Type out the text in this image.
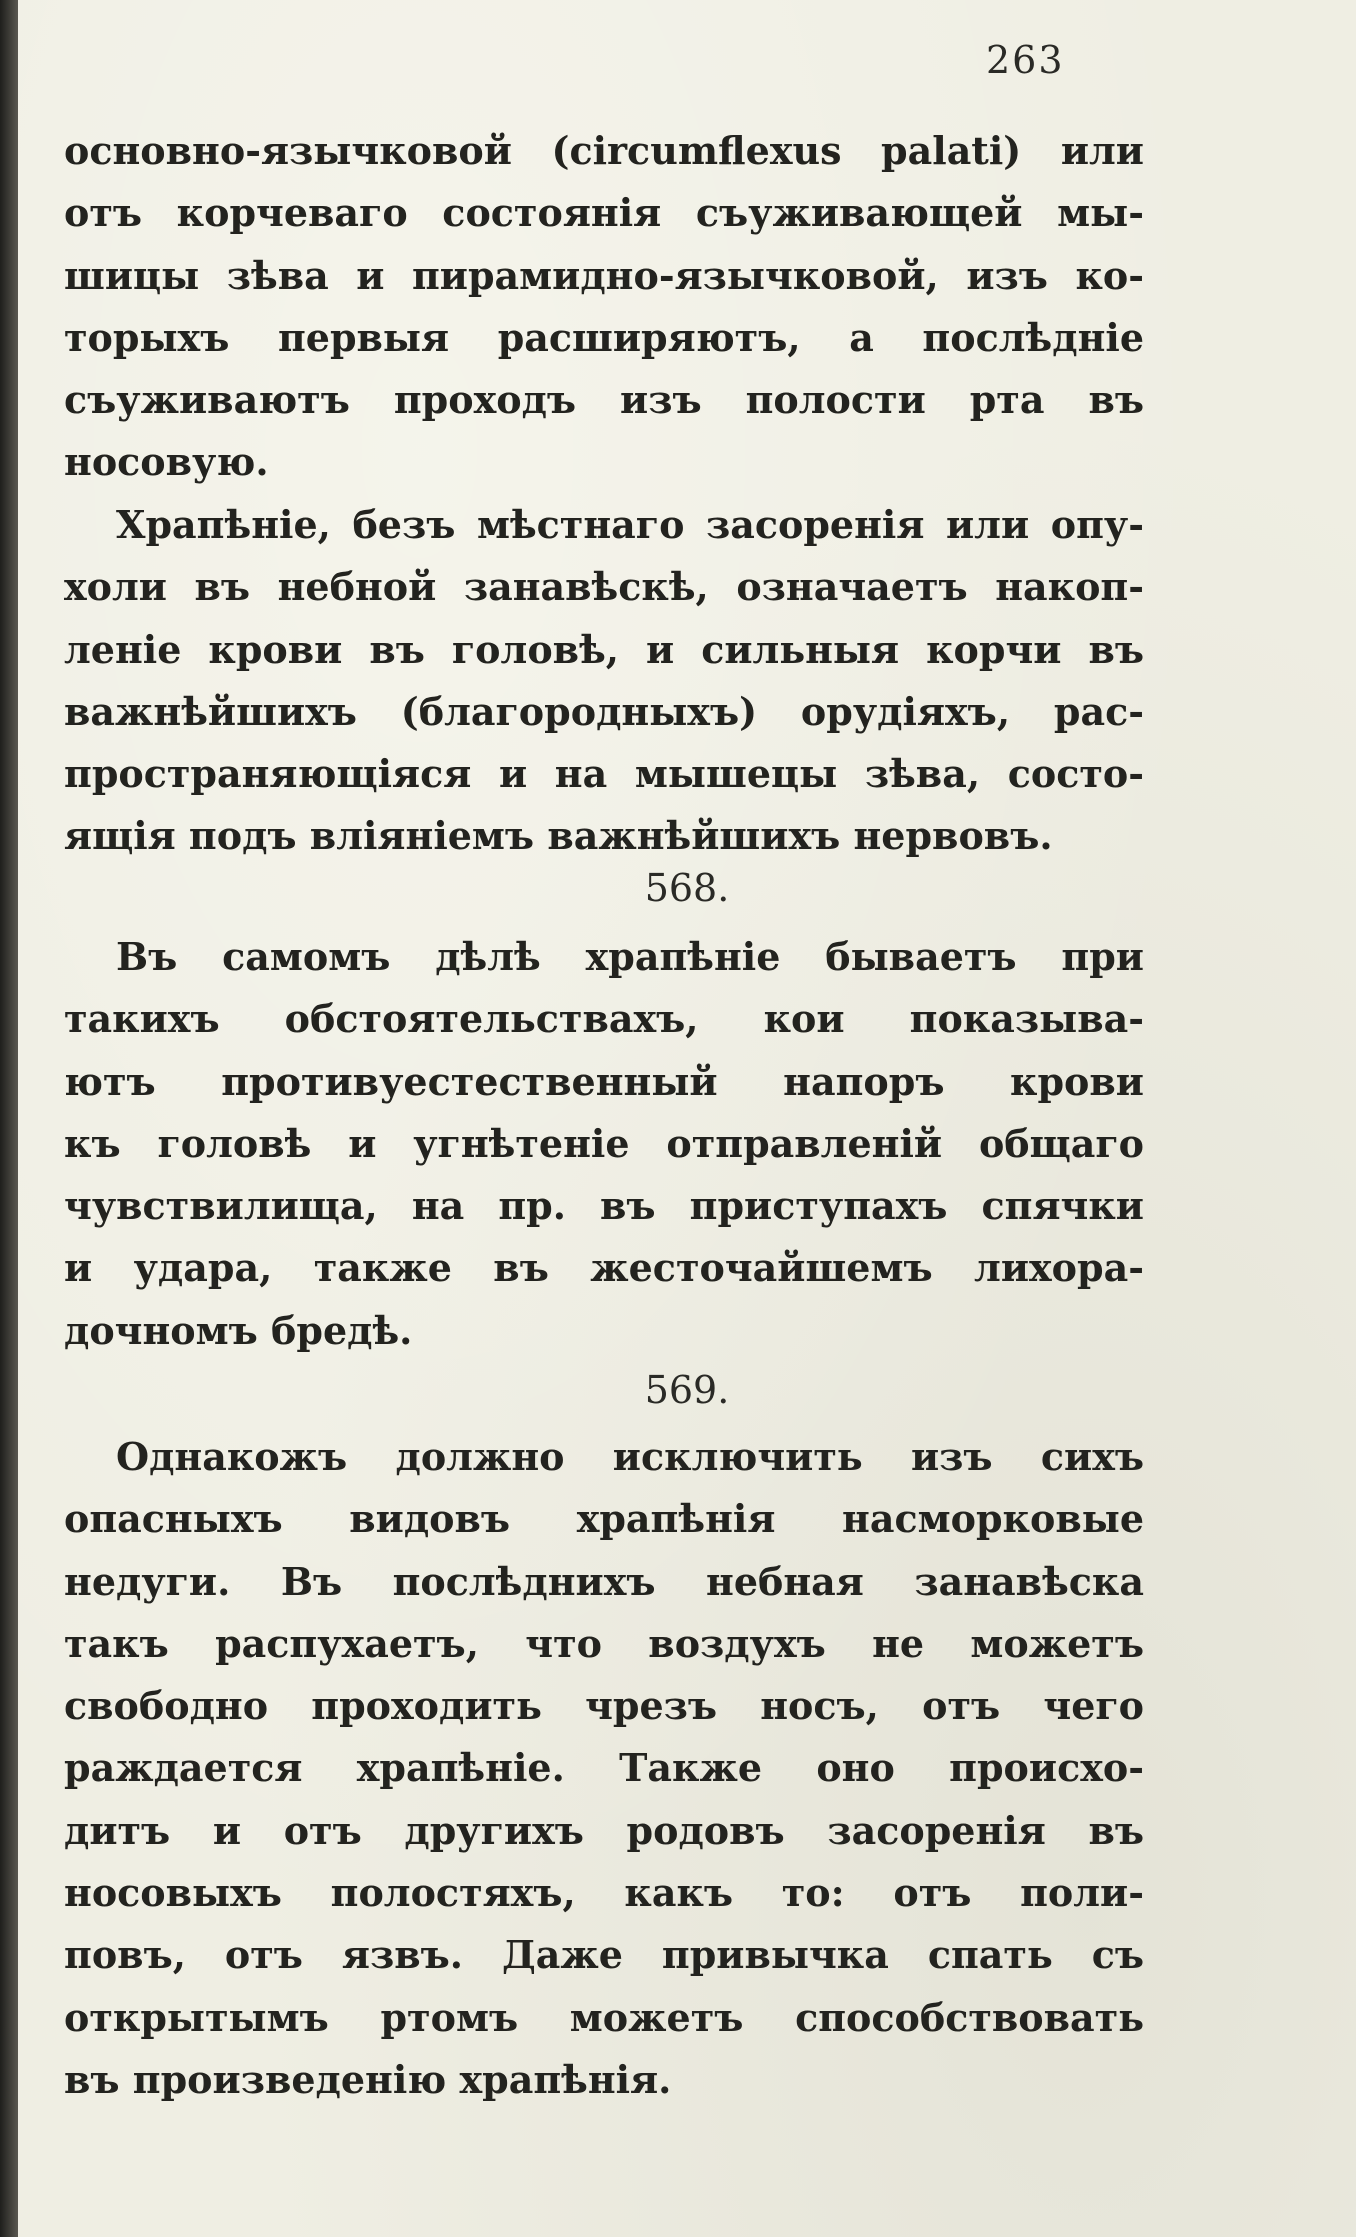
263
основно-язычковой (circumflexus palati) или
отъ корчеваго состоянія съуживающей мы-
шицы зѣва и пирамидно-язычковой, изъ ко-
торыхъ первыя расширяютъ, а послѣдніе
съуживаютъ проходъ изъ полости рта въ
носовую.
Храпѣніе, безъ мѣстнаго засоренія или опу-
холи въ небной занавѣскѣ, означаетъ накоп-
леніе крови въ головѣ, и сильныя корчи въ
важнѣйшихъ (благородныхъ) орудіяхъ, рас-
пространяющіяся и на мышецы зѣва, состо-
ящія подъ вліяніемъ важнѣйшихъ нервовъ.
568.
Въ самомъ дѣлѣ храпѣніе бываетъ при
такихъ обстоятельствахъ, кои показыва-
ютъ противуестественный напоръ крови
къ головѣ и угнѣтеніе отправленій общаго
чувствилища, на пр. въ приступахъ спячки
и удара, также въ жесточайшемъ лихора-
дочномъ бредѣ.
569.
Однакожъ должно исключить изъ сихъ
опасныхъ видовъ храпѣнія насморковые
недуги. Въ послѣднихъ небная занавѣска
такъ распухаетъ, что воздухъ не можетъ
свободно проходить чрезъ носъ, отъ чего
раждается храпѣніе. Также оно происхо-
дитъ и отъ другихъ родовъ засоренія въ
носовыхъ полостяхъ, какъ то: отъ поли-
повъ, отъ язвъ. Даже привычка спать съ
открытымъ ртомъ можетъ способствовать
въ произведенію храпѣнія.
